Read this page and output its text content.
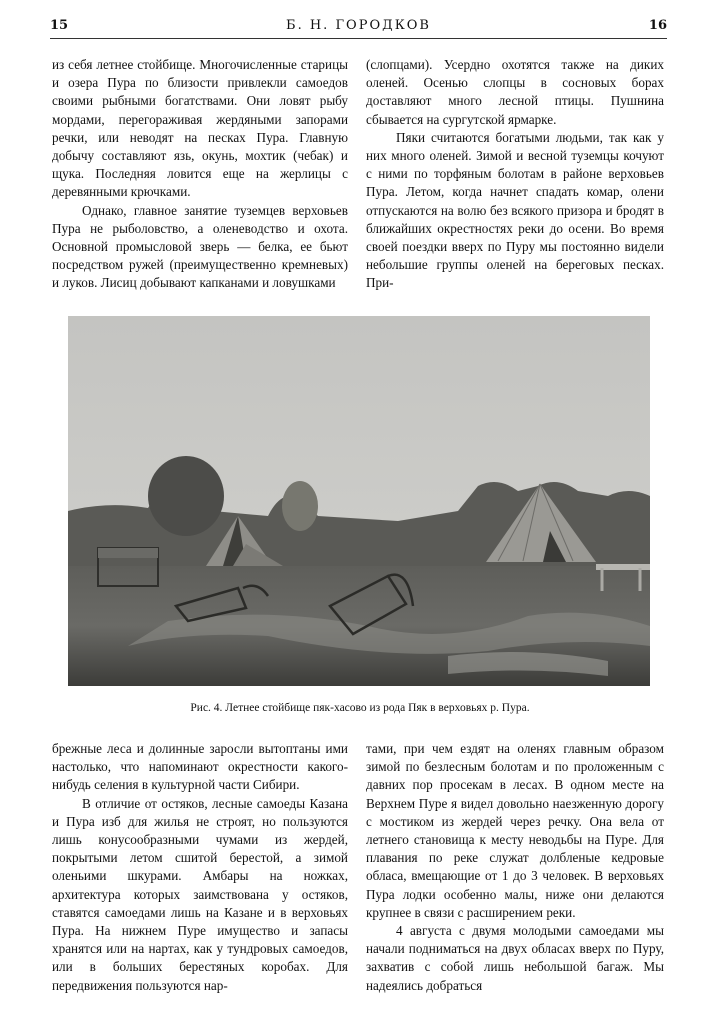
15	Б. Н. ГОРОДКОВ	16

из себя летнее стойбище. Многочисленные старицы и озера Пура по близости привлекли самоедов своими рыбными богатствами. Они ловят рыбу мордами, перегораживая жердяными запорами речки, или неводят на песках Пура. Главную добычу составляют язь, окунь, мохтик (чебак) и щука. Последняя ловится еще на жерлицы с деревянными крючками.

Однако, главное занятие туземцев верховьев Пура не рыболовство, а оленеводство и охота. Основной промысловой зверь — белка, ее бьют посредством ружей (преимущественно кремневых) и луков. Лисиц добывают капканами и ловушками

(слопцами). Усердно охотятся также на диких оленей. Осенью слопцы в сосновых борах доставляют много лесной птицы. Пушнина сбывается на сургутской ярмарке.

Пяки считаются богатыми людьми, так как у них много оленей. Зимой и весной туземцы кочуют с ними по торфяным болотам в районе верховьев Пура. Летом, когда начнет спадать комар, олени отпускаются на волю без всякого призора и бродят в ближайших окрестностях реки до осени. Во время своей поездки вверх по Пуру мы постоянно видели небольшие группы оленей на береговых песках. При-

Рис. 4. Летнее стойбище пяк-хасово из рода Пяк в верховьях р. Пура.

брежные леса и долинные заросли вытоптаны ими настолько, что напоминают окрестности какого-нибудь селения в культурной части Сибири.

В отличие от остяков, лесные самоеды Казана и Пура изб для жилья не строят, но пользуются лишь конусообразными чумами из жердей, покрытыми летом сшитой берестой, а зимой оленьими шкурами. Амбары на ножках, архитектура которых заимствована у остяков, ставятся самоедами лишь на Казане и в верховьях Пура. На нижнем Пуре имущество и запасы хранятся или на нартах, как у тундровых самоедов, или в больших берестяных коробах. Для передвижения пользуются нар-

тами, при чем ездят на оленях главным образом зимой по безлесным болотам и по проложенным с давних пор просекам в лесах. В одном месте на Верхнем Пуре я видел довольно наезженную дорогу с мостиком из жердей через речку. Она вела от летнего становища к месту неводьбы на Пуре. Для плавания по реке служат долбленые кедровые обласа, вмещающие от 1 до 3 человек. В верховьях Пура лодки особенно малы, ниже они делаются крупнее в связи с расширением реки.

4 августа с двумя молодыми самоедами мы начали подниматься на двух обласах вверх по Пуру, захватив с собой лишь небольшой багаж. Мы надеялись добраться
